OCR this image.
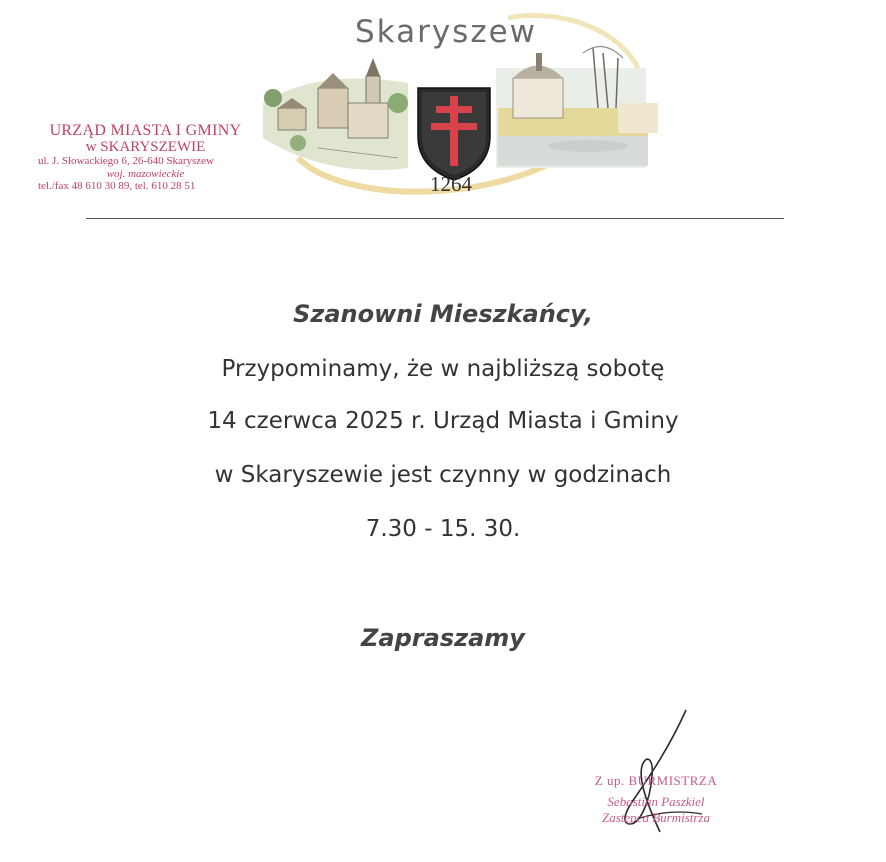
Skaryszew
1264
URZĄD MIASTA I GMINY
w SKARYSZEWIE
ul. J. Słowackiego 6, 26-640 Skaryszew
woj. mazowieckie
tel./fax 48 610 30 89, tel. 610 28 51
Szanowni Mieszkańcy,
Przypominamy, że w najbliższą sobotę
14 czerwca 2025 r. Urząd Miasta i Gminy
w Skaryszewie jest czynny w godzinach
7.30 - 15. 30.
Zapraszamy
Z up. BURMISTRZA
Sebastian Paszkiel
Zastępca Burmistrza
